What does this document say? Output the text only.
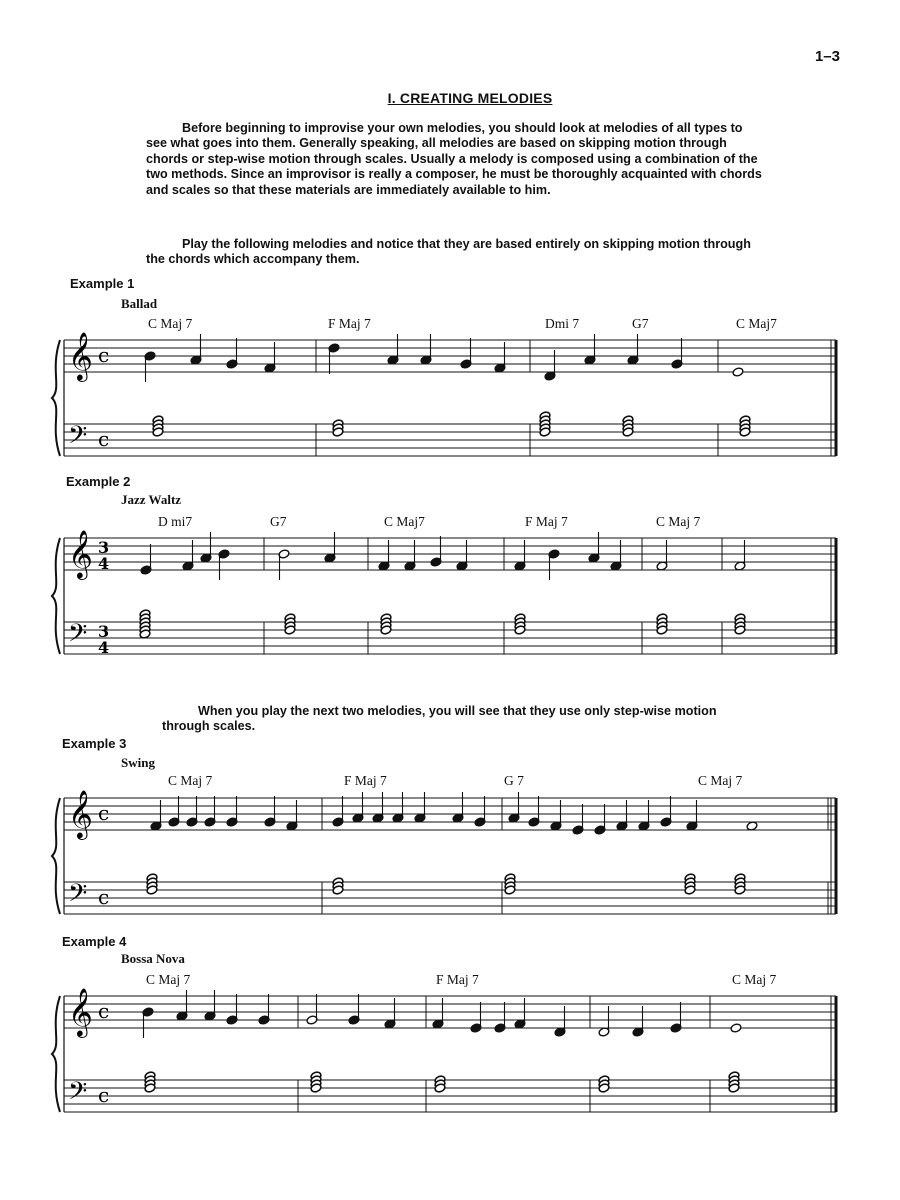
1–3
I. CREATING MELODIES
Before beginning to improvise your own melodies, you should look at melodies of all types to see what goes into them. Generally speaking, all melodies are based on skipping motion through chords or step-wise motion through scales. Usually a melody is composed using a combination of the two methods. Since an improvisor is really a composer, he must be thoroughly acquainted with chords and scales so that these materials are immediately available to him.
Play the following melodies and notice that they are based entirely on skipping motion through the chords which accompany them.
Example 1
Ballad
C Maj 7	F Maj 7	Dmi 7	G7	C Maj7
𝄞
𝄢
c
c
Example 2
Jazz Waltz
D mi7	G7	C Maj7	F Maj 7	C Maj 7
𝄞
𝄢
3
4
3
4
When you play the next two melodies, you will see that they use only step-wise motion through scales.
Example 3
Swing
C Maj 7	F Maj 7	G 7	C Maj 7
𝄞
𝄢
c
c
Example 4
Bossa Nova
C Maj 7	F Maj 7	C Maj 7
𝄞
𝄢
c
c
